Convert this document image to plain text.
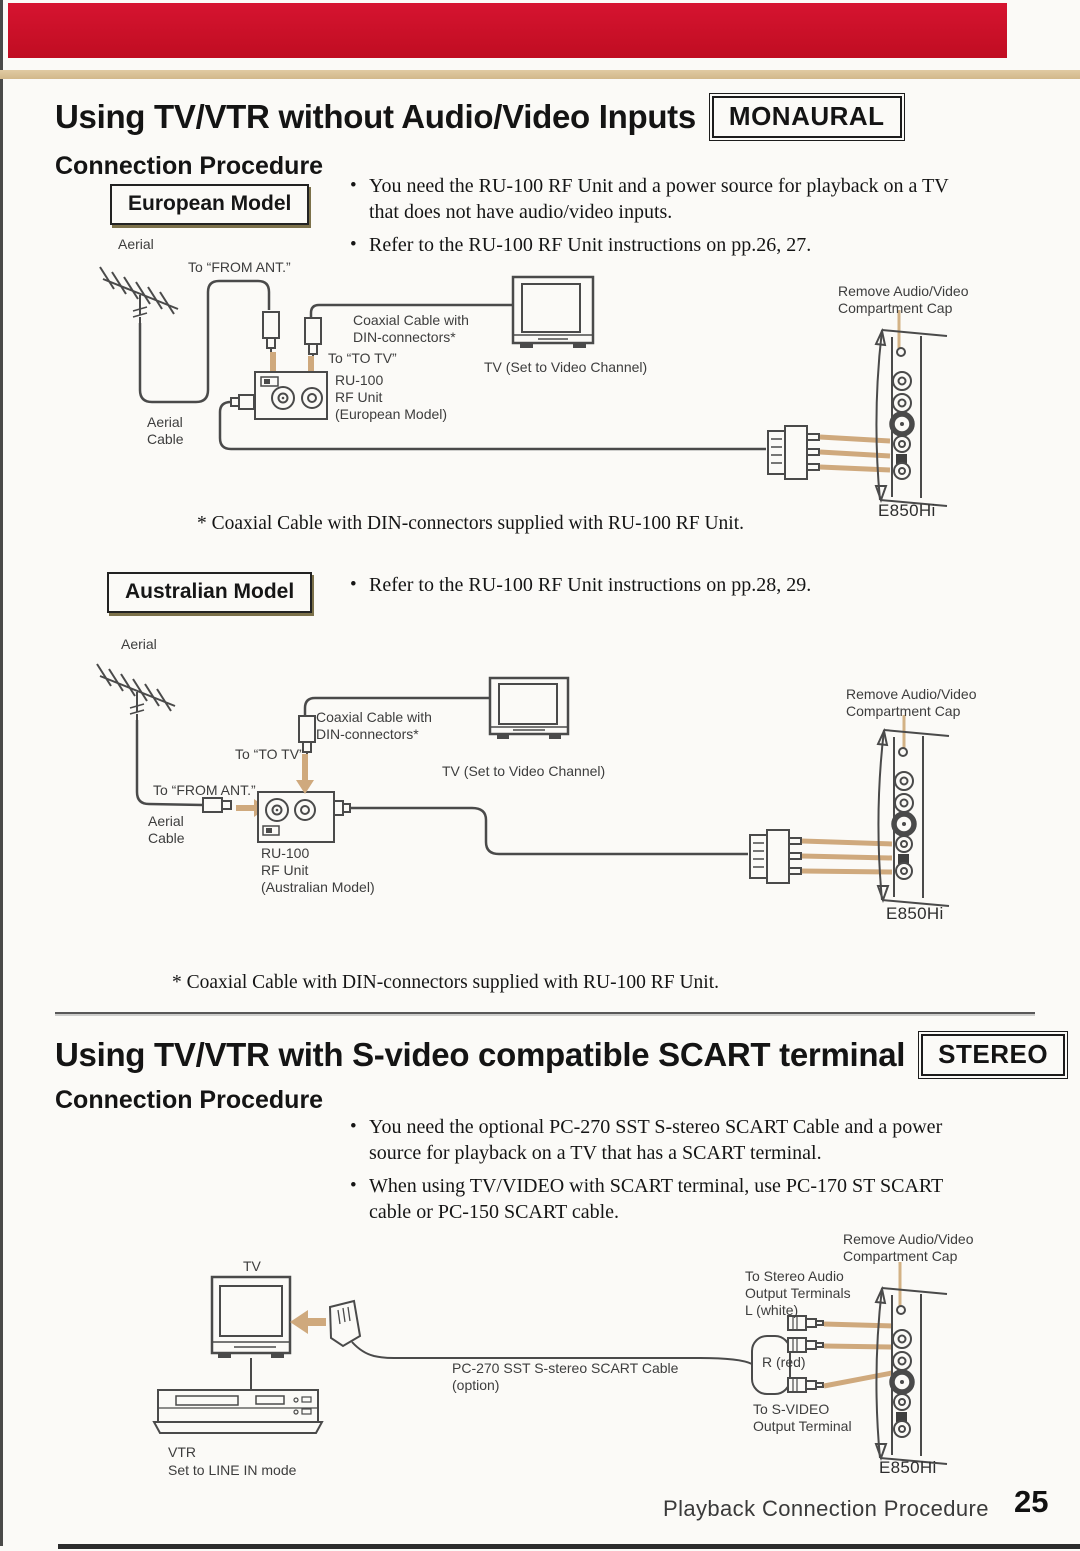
Using TV/VTR without Audio/Video Inputs	MONAURAL
Connection Procedure
European Model
• You need the RU-100 RF Unit and a power source for playback on a TV
that does not have audio/video inputs.
• Refer to the RU-100 RF Unit instructions on pp.26, 27.
Aerial
To “FROM ANT.”
Coaxial Cable with
DIN-connectors*
To “TO TV”
RU-100
RF Unit
(European Model)
TV (Set to Video Channel)
Remove Audio/Video
Compartment Cap
Aerial
Cable
E850Hi
* Coaxial Cable with DIN-connectors supplied with RU-100 RF Unit.
Australian Model	• Refer to the RU-100 RF Unit instructions on pp.28, 29.
Aerial
Coaxial Cable with
DIN-connectors*
To “TO TV”
To “FROM ANT.”
Aerial
Cable
RU-100
RF Unit
(Australian Model)
TV (Set to Video Channel)
Remove Audio/Video
Compartment Cap
E850Hi
* Coaxial Cable with DIN-connectors supplied with RU-100 RF Unit.
Using TV/VTR with S-video compatible SCART terminal	STEREO
Connection Procedure
• You need the optional PC-270 SST S-stereo SCART Cable and a power
source for playback on a TV that has a SCART terminal.
• When using TV/VIDEO with SCART terminal, use PC-170 ST SCART
cable or PC-150 SCART cable.
TV
Remove Audio/Video
Compartment Cap
To Stereo Audio
Output Terminals
L (white)
PC-270 SST S-stereo SCART Cable
(option)
R (red)
To S-VIDEO
Output Terminal
VTR
Set to LINE IN mode	E850Hi
Playback Connection Procedure 25
